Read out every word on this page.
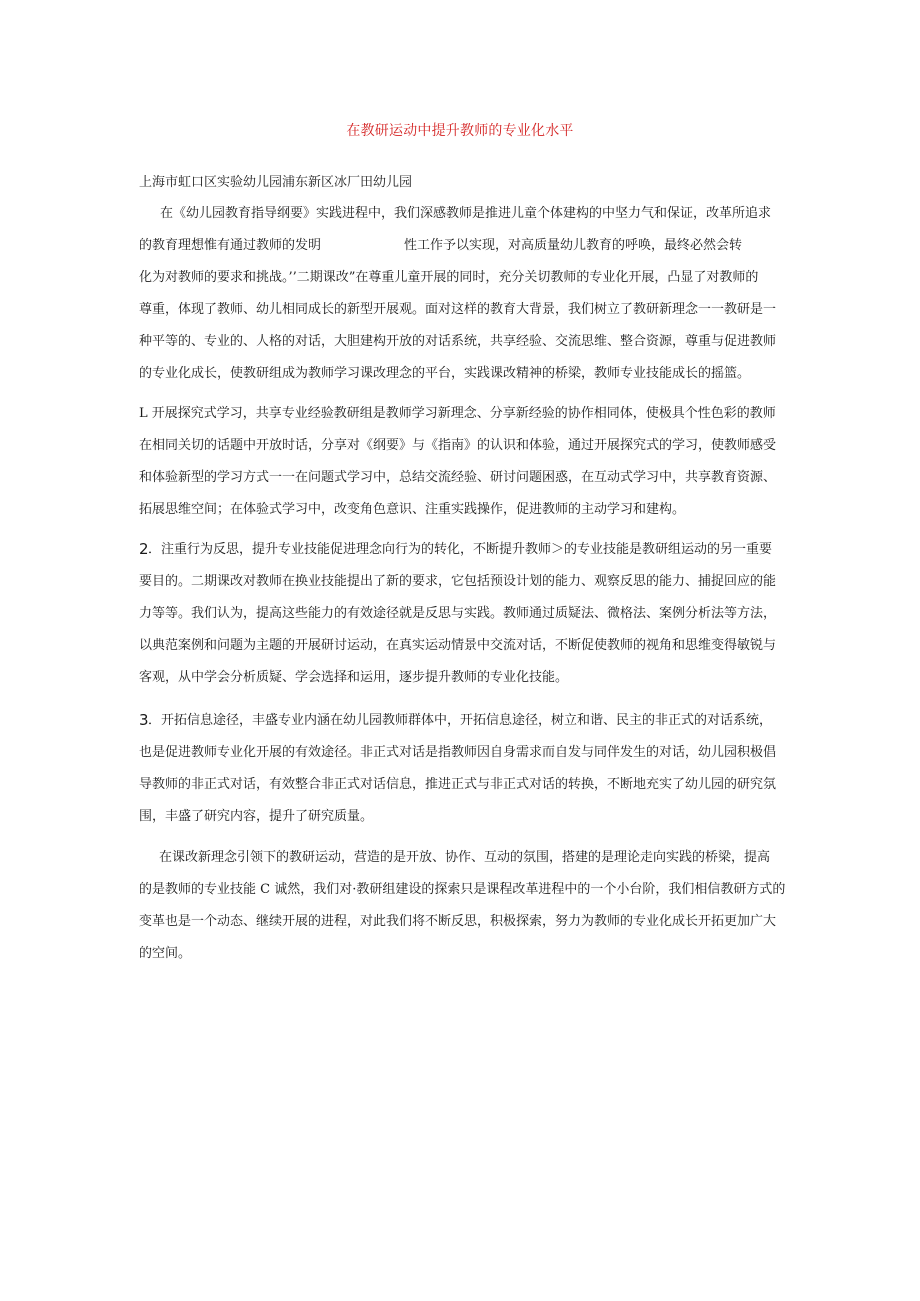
在教研运动中提升教师的专业化水平
上海市虹口区实验幼儿园浦东新区冰厂田幼儿园
在《幼儿园教育指导纲要》实践进程中，我们深感教师是推进儿童个体建构的中坚力气和保证，改革所追求
的教育理想惟有通过教师的发明	性工作予以实现，对高质量幼儿教育的呼唤，最终必然会转
化为对教师的要求和挑战。’’二期课改”在尊重儿童开展的同时，充分关切教师的专业化开展，凸显了对教师的
尊重，体现了教师、幼儿相同成长的新型开展观。面对这样的教育大背景，我们树立了教研新理念一一教研是一
种平等的、专业的、人格的对话，大胆建构开放的对话系统，共享经验、交流思维、整合资源，尊重与促进教师
的专业化成长，使教研组成为教师学习课改理念的平台，实践课改精神的桥梁，教师专业技能成长的摇篮。
L 开展探究式学习，共享专业经验教研组是教师学习新理念、分享新经验的协作相同体，使极具个性色彩的教师
在相同关切的话题中开放时话，分享对《纲要》与《指南》的认识和体验，通过开展探究式的学习，使教师感受
和体验新型的学习方式一一在问题式学习中，总结交流经验、研讨问题困惑，在互动式学习中，共享教育资源、
拓展思维空间；在体验式学习中，改变角色意识、注重实践操作，促进教师的主动学习和建构。
2 ．注重行为反思，提升专业技能促进理念向行为的转化，不断提升教师＞的专业技能是教研组运动的另一重要
要目的。二期课改对教师在换业技能提出了新的要求，它包括预设计划的能力、观察反思的能力、捕捉回应的能
力等等。我们认为，提高这些能力的有效途径就是反思与实践。教师通过质疑法、微格法、案例分析法等方法，
以典范案例和问题为主题的开展研讨运动，在真实运动情景中交流对话，不断促使教师的视角和思维变得敏锐与
客观，从中学会分析质疑、学会选择和运用，逐步提升教师的专业化技能。
3 ．开拓信息途径，丰盛专业内涵在幼儿园教师群体中，开拓信息途径，树立和谐、民主的非正式的对话系统，
也是促进教师专业化开展的有效途径。非正式对话是指教师因自身需求而自发与同伴发生的对话，幼儿园积极倡
导教师的非正式对话，有效整合非正式对话信息，推进正式与非正式对话的转换，不断地充实了幼儿园的研究氛
围，丰盛了研究内容，提升了研究质量。
在课改新理念引领下的教研运动，营造的是开放、协作、互动的氛围，搭建的是理论走向实践的桥梁，提高
的是教师的专业技能 C 诚然，我们对·教研组建设的探索只是课程改革进程中的一个小台阶，我们相信教研方式的
变革也是一个动态、继续开展的进程，对此我们将不断反思，积极探索，努力为教师的专业化成长开拓更加广大
的空间。
